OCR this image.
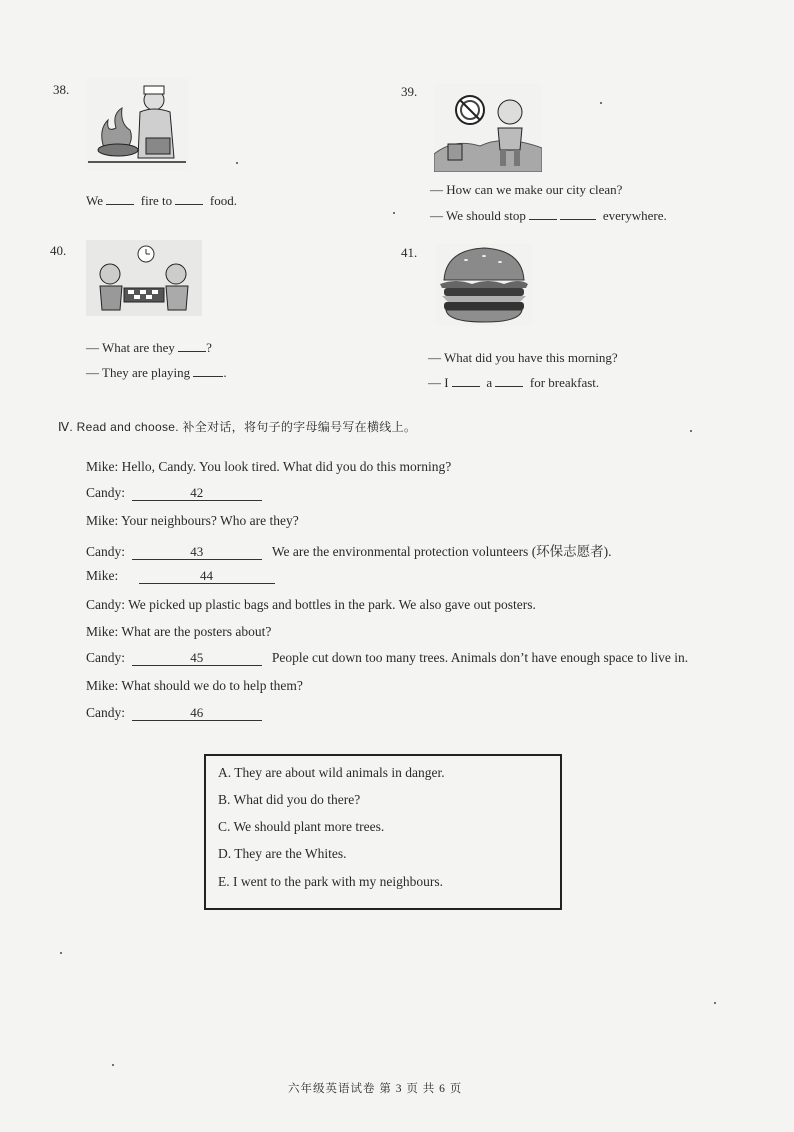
38.
We	fire to	food.
39.
— How can we make our city clean?
— We should stop	everywhere.
40.
— What are they ?
— They are playing	.
41.
— What did you have this morning?
— I	a	for breakfast.
Ⅳ. Read and choose. 补全对话，将句子的字母编号写在横线上。
Mike: Hello, Candy. You look tired. What did you do this morning?
Candy:	42
Mike: Your neighbours? Who are they?
Candy:	43	We are the environmental protection volunteers (环保志愿者).
Mike:	44
Candy: We picked up plastic bags and bottles in the park. We also gave out posters.
Mike: What are the posters about?
Candy:	45	People cut down too many trees. Animals don’t have enough space to live in.
Mike: What should we do to help them?
Candy:	46
A. They are about wild animals in danger.
B. What did you do there?
C. We should plant more trees.
D. They are the Whites.
E. I went to the park with my neighbours.
六年级英语试卷 第 3 页 共 6 页
